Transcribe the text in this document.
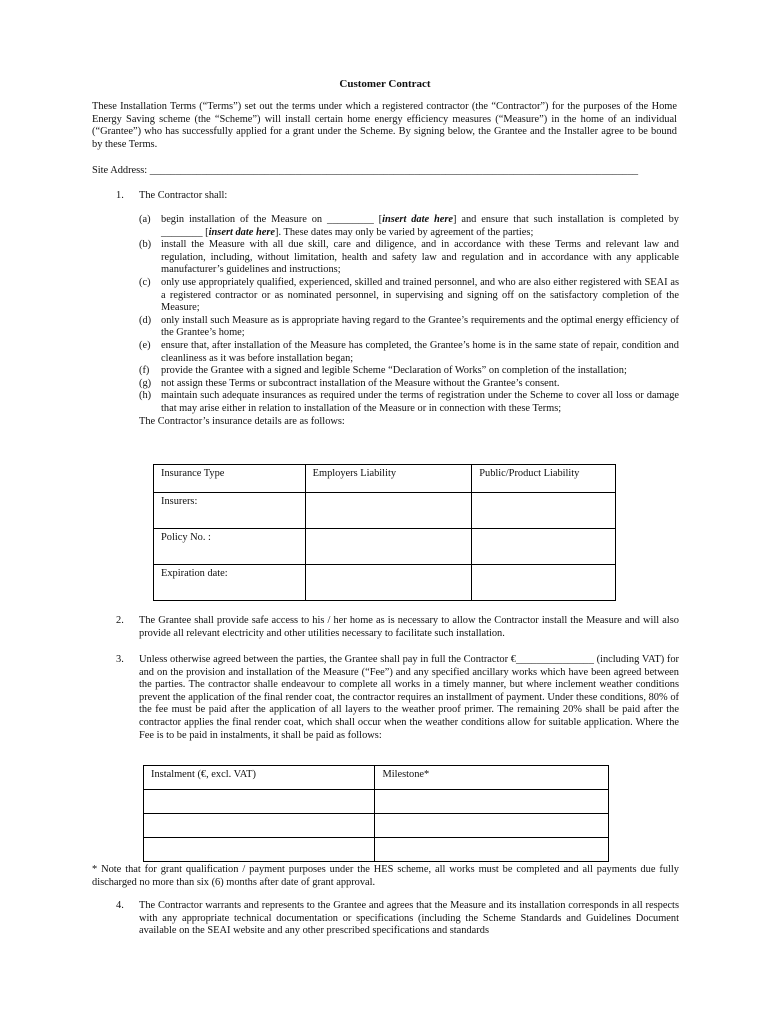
Customer Contract
These Installation Terms (“Terms”) set out the terms under which a registered contractor (the “Contractor”) for the purposes of the Home Energy Saving scheme (the “Scheme”) will install certain home energy efficiency measures (“Measure”) in the home of an individual (“Grantee”) who has successfully applied for a grant under the Scheme. By signing below, the Grantee and the Installer agree to be bound by these Terms.
Site Address: ______________________________________________________________________________________________
1. The Contractor shall:
(a)	begin installation of the Measure on _________ [insert date here] and ensure that such installation is completed by ________ [insert date here]. These dates may only be varied by agreement of the parties;
(b) install the Measure with all due skill, care and diligence, and in accordance with these Terms and relevant law and regulation, including, without limitation, health and safety law and regulation and in accordance with any applicable manufacturer’s guidelines and instructions;
(c)	only use appropriately qualified, experienced, skilled and trained personnel, and who are also either registered with SEAI as a registered contractor or as nominated personnel, in supervising and signing off on the satisfactory completion of the Measure;
(d) only install such Measure as is appropriate having regard to the Grantee’s requirements and the optimal energy efficiency of the Grantee’s home;
(e)	ensure that, after installation of the Measure has completed, the Grantee’s home is in the same state of repair, condition and cleanliness as it was before installation began;
(f)	provide the Grantee with a signed and legible Scheme “Declaration of Works” on completion of the installation;
(g) not assign these Terms or subcontract installation of the Measure without the Grantee’s consent.
(h) maintain such adequate insurances as required under the terms of registration under the Scheme to cover all loss or damage that may arise either in relation to installation of the Measure or in connection with these Terms;
The Contractor’s insurance details are as follows:
Insurance Type	Employers Liability	Public/Product Liability
Insurers:		
Policy No. :		
Expiration date:		
2. The Grantee shall provide safe access to his / her home as is necessary to allow the Contractor install the Measure and will also provide all relevant electricity and other utilities necessary to facilitate such installation.
3. Unless otherwise agreed between the parties, the Grantee shall pay in full the Contractor €_______________ (including VAT) for and on the provision and installation of the Measure (“Fee”) and any specified ancillary works which have been agreed between the parties. The contractor shalle endeavour to complete all works in a timely manner, but where inclement weather conditions prevent the application of the final render coat, the contractor requires an installment of payment. Under these conditions, 80% of the fee must be paid after the application of all layers to the weather proof primer. The remaining 20% shall be paid after the contractor applies the final render coat, which shall occur when the weather conditions allow for suitable application. Where the Fee is to be paid in instalments, it shall be paid as follows:
Instalment (€, excl. VAT)	Milestone*

* Note that for grant qualification / payment purposes under the HES scheme, all works must be completed and all payments due fully discharged no more than six (6) months after date of grant approval.
4. The Contractor warrants and represents to the Grantee and agrees that the Measure and its installation corresponds in all respects with any appropriate technical documentation or specifications (including the Scheme Standards and Guidelines Document available on the SEAI website and any other prescribed specifications and standards
